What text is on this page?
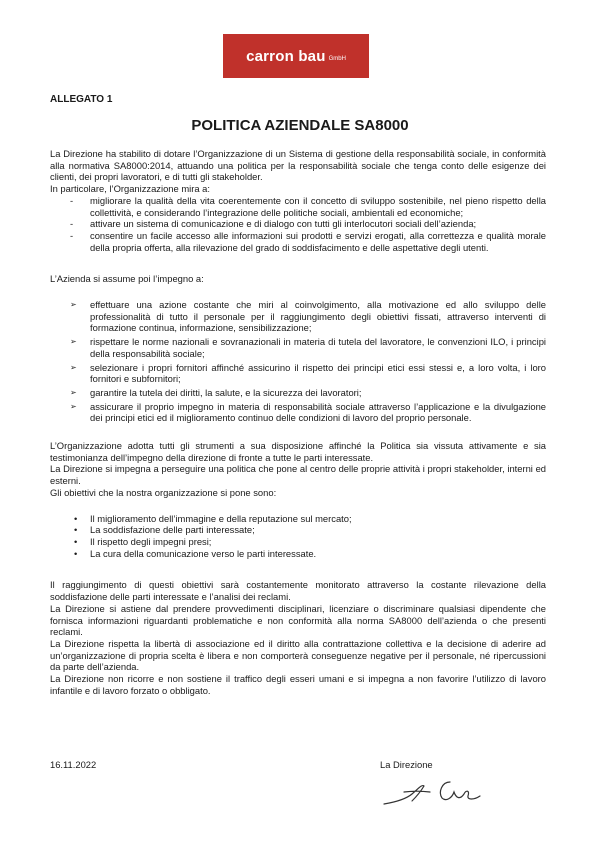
carron bau GmbH

ALLEGATO 1

POLITICA AZIENDALE SA8000

La Direzione ha stabilito di dotare l’Organizzazione di un Sistema di gestione della responsabilità sociale, in conformità alla normativa SA8000:2014, attuando una politica per la responsabilità sociale che tenga conto delle esigenze dei clienti, dei propri lavoratori, e di tutti gli stakeholder.

In particolare, l’Organizzazione mira a:

- migliorare la qualità della vita coerentemente con il concetto di sviluppo sostenibile, nel pieno rispetto della collettività, e considerando l’integrazione delle politiche sociali, ambientali ed economiche;
- attivare un sistema di comunicazione e di dialogo con tutti gli interlocutori sociali dell’azienda;
- consentire un facile accesso alle informazioni sui prodotti e servizi erogati, alla correttezza e qualità morale della propria offerta, alla rilevazione del grado di soddisfacimento e delle aspettative degli utenti.

L’Azienda si assume poi l’impegno a:

➢ effettuare una azione costante che miri al coinvolgimento, alla motivazione ed allo sviluppo delle professionalità di tutto il personale per il raggiungimento degli obiettivi fissati, attraverso interventi di formazione continua, informazione, sensibilizzazione;
➢ rispettare le norme nazionali e sovranazionali in materia di tutela del lavoratore, le convenzioni ILO, i principi della responsabilità sociale;
➢ selezionare i propri fornitori affinché assicurino il rispetto dei principi etici essi stessi e, a loro volta, i loro fornitori e subfornitori;
➢ garantire la tutela dei diritti, la salute, e la sicurezza dei lavoratori;
➢ assicurare il proprio impegno in materia di responsabilità sociale attraverso l’applicazione e la divulgazione dei principi etici ed il miglioramento continuo delle condizioni di lavoro del proprio personale.

L’Organizzazione adotta tutti gli strumenti a sua disposizione affinché la Politica sia vissuta attivamente e sia testimonianza dell’impegno della direzione di fronte a tutte le parti interessate.

La Direzione si impegna a perseguire una politica che pone al centro delle proprie attività i propri stakeholder, interni ed esterni.

Gli obiettivi che la nostra organizzazione si pone sono:

• Il miglioramento dell’immagine e della reputazione sul mercato;
• La soddisfazione delle parti interessate;
• Il rispetto degli impegni presi;
• La cura della comunicazione verso le parti interessate.

Il raggiungimento di questi obiettivi sarà costantemente monitorato attraverso la costante rilevazione della soddisfazione delle parti interessate e l’analisi dei reclami.

La Direzione si astiene dal prendere provvedimenti disciplinari, licenziare o discriminare qualsiasi dipendente che fornisca informazioni riguardanti problematiche e non conformità alla norma SA8000 dell’azienda o che presenti reclami.

La Direzione rispetta la libertà di associazione ed il diritto alla contrattazione collettiva e la decisione di aderire ad un’organizzazione di propria scelta è libera e non comporterà conseguenze negative per il personale, né ripercussioni da parte dell’azienda.

La Direzione non ricorre e non sostiene il traffico degli esseri umani e si impegna a non favorire l’utilizzo di lavoro infantile e di lavoro forzato o obbligato.

16.11.2022	La Direzione
